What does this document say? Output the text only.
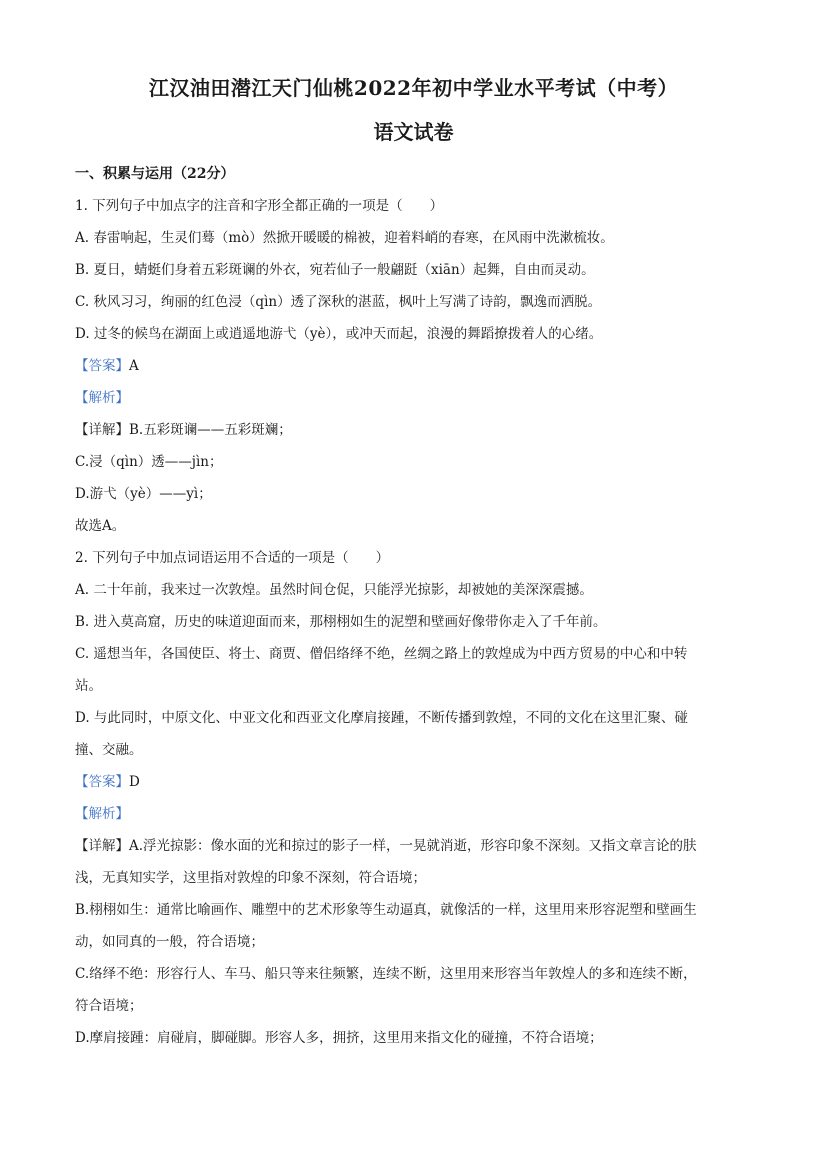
江汉油田潜江天门仙桃2022年初中学业水平考试（中考）
语文试卷
一、积累与运用（22分）
1. 下列句子中加点字的注音和字形全都正确的一项是（　　）
A. 春雷响起，生灵们蓦（mò）然掀开暖暖的棉被，迎着料峭的春寒，在风雨中洗漱梳妆。
B. 夏日，蜻蜓们身着五彩斑谰的外衣，宛若仙子一般翩跹（xiān）起舞，自由而灵动。
C. 秋风习习，绚丽的红色浸（qìn）透了深秋的湛蓝，枫叶上写满了诗韵，飘逸而洒脱。
D. 过冬的候鸟在湖面上或逍遥地游弋（yè），或冲天而起，浪漫的舞蹈撩拨着人的心绪。
【答案】A
【解析】
【详解】B.五彩斑谰——五彩斑斓；
C.浸（qìn）透——jìn；
D.游弋（yè）——yì；
故选A。
2. 下列句子中加点词语运用不合适的一项是（　　）
A. 二十年前，我来过一次敦煌。虽然时间仓促，只能浮光掠影，却被她的美深深震撼。
B. 进入莫高窟，历史的味道迎面而来，那栩栩如生的泥塑和壁画好像带你走入了千年前。
C. 遥想当年，各国使臣、将士、商贾、僧侣络绎不绝，丝绸之路上的敦煌成为中西方贸易的中心和中转
站。
D. 与此同时，中原文化、中亚文化和西亚文化摩肩接踵，不断传播到敦煌，不同的文化在这里汇聚、碰
撞、交融。
【答案】D
【解析】
【详解】A.浮光掠影：像水面的光和掠过的影子一样，一晃就消逝，形容印象不深刻。又指文章言论的肤
浅，无真知实学，这里指对敦煌的印象不深刻，符合语境；
B.栩栩如生：通常比喻画作、雕塑中的艺术形象等生动逼真，就像活的一样，这里用来形容泥塑和壁画生
动，如同真的一般，符合语境；
C.络绎不绝：形容行人、车马、船只等来往频繁，连续不断，这里用来形容当年敦煌人的多和连续不断，
符合语境；
D.摩肩接踵：肩碰肩，脚碰脚。形容人多，拥挤，这里用来指文化的碰撞，不符合语境；
